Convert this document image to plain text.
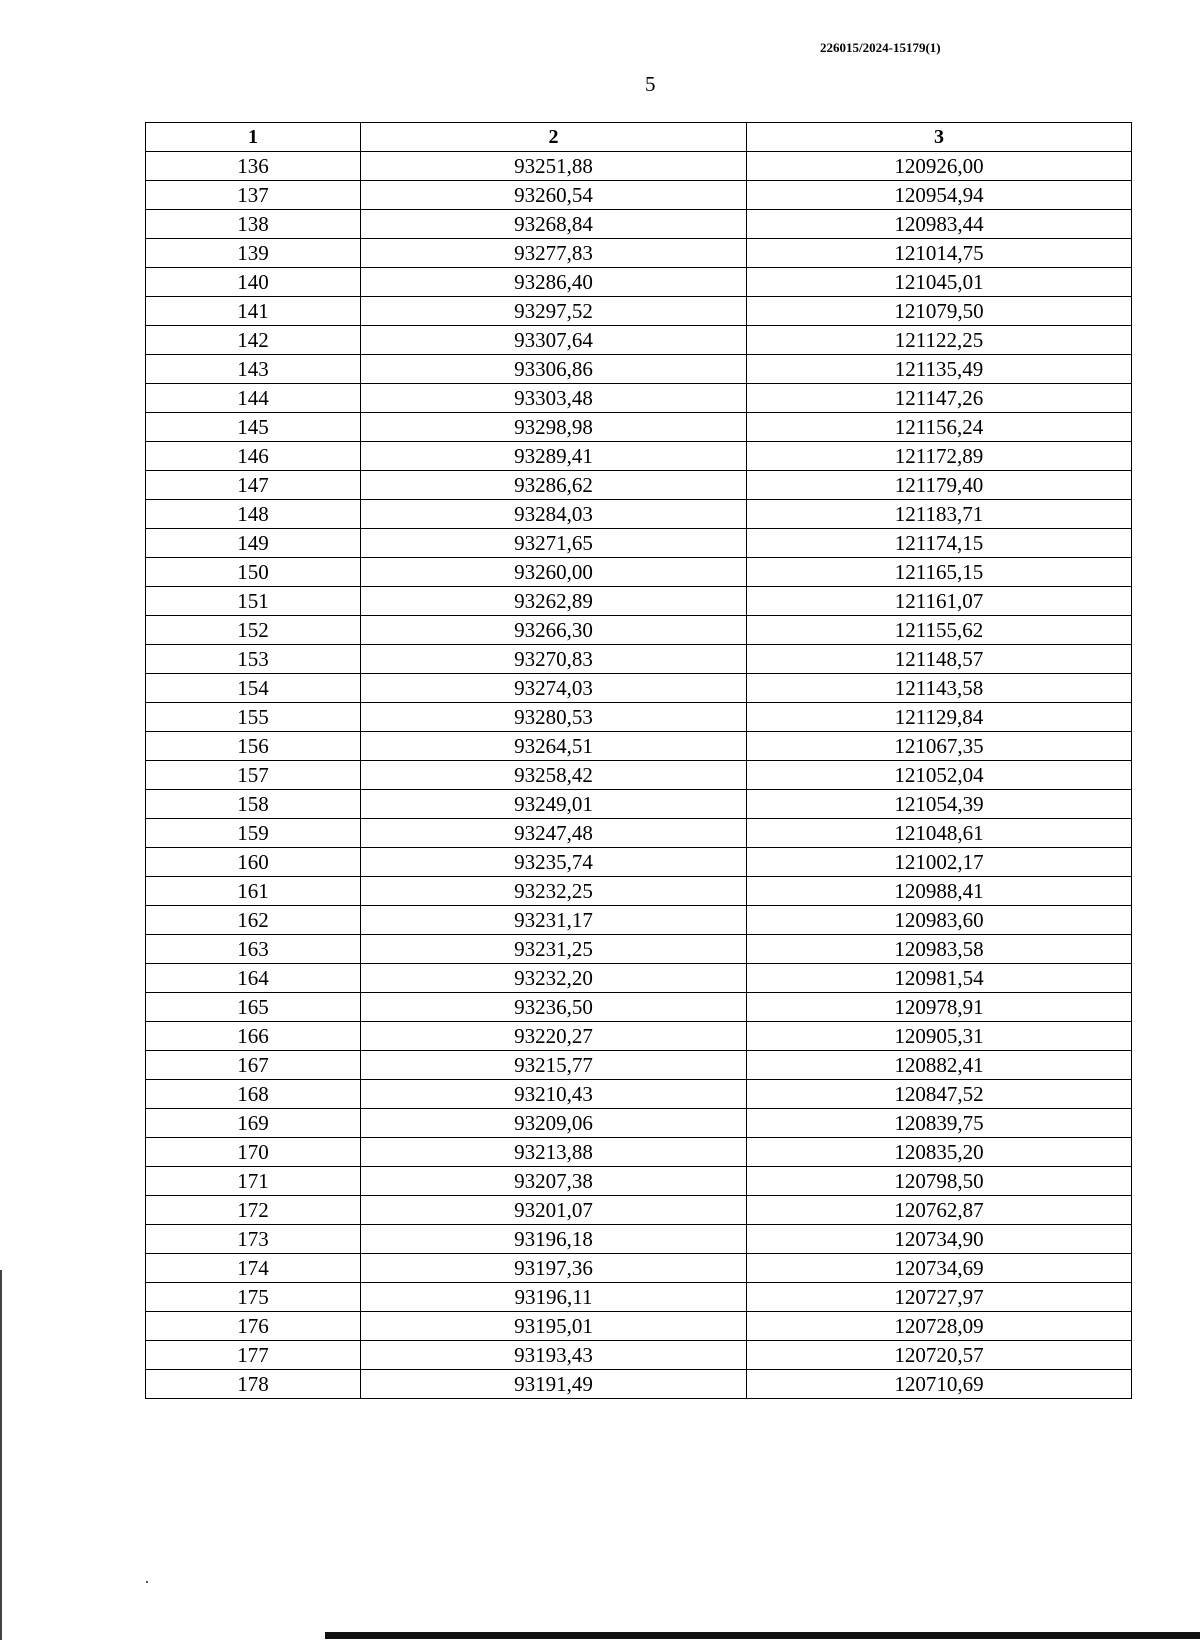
226015/2024-15179(1)
5
1	2	3
136	93251,88	120926,00
137	93260,54	120954,94
138	93268,84	120983,44
139	93277,83	121014,75
140	93286,40	121045,01
141	93297,52	121079,50
142	93307,64	121122,25
143	93306,86	121135,49
144	93303,48	121147,26
145	93298,98	121156,24
146	93289,41	121172,89
147	93286,62	121179,40
148	93284,03	121183,71
149	93271,65	121174,15
150	93260,00	121165,15
151	93262,89	121161,07
152	93266,30	121155,62
153	93270,83	121148,57
154	93274,03	121143,58
155	93280,53	121129,84
156	93264,51	121067,35
157	93258,42	121052,04
158	93249,01	121054,39
159	93247,48	121048,61
160	93235,74	121002,17
161	93232,25	120988,41
162	93231,17	120983,60
163	93231,25	120983,58
164	93232,20	120981,54
165	93236,50	120978,91
166	93220,27	120905,31
167	93215,77	120882,41
168	93210,43	120847,52
169	93209,06	120839,75
170	93213,88	120835,20
171	93207,38	120798,50
172	93201,07	120762,87
173	93196,18	120734,90
174	93197,36	120734,69
175	93196,11	120727,97
176	93195,01	120728,09
177	93193,43	120720,57
178	93191,49	120710,69
